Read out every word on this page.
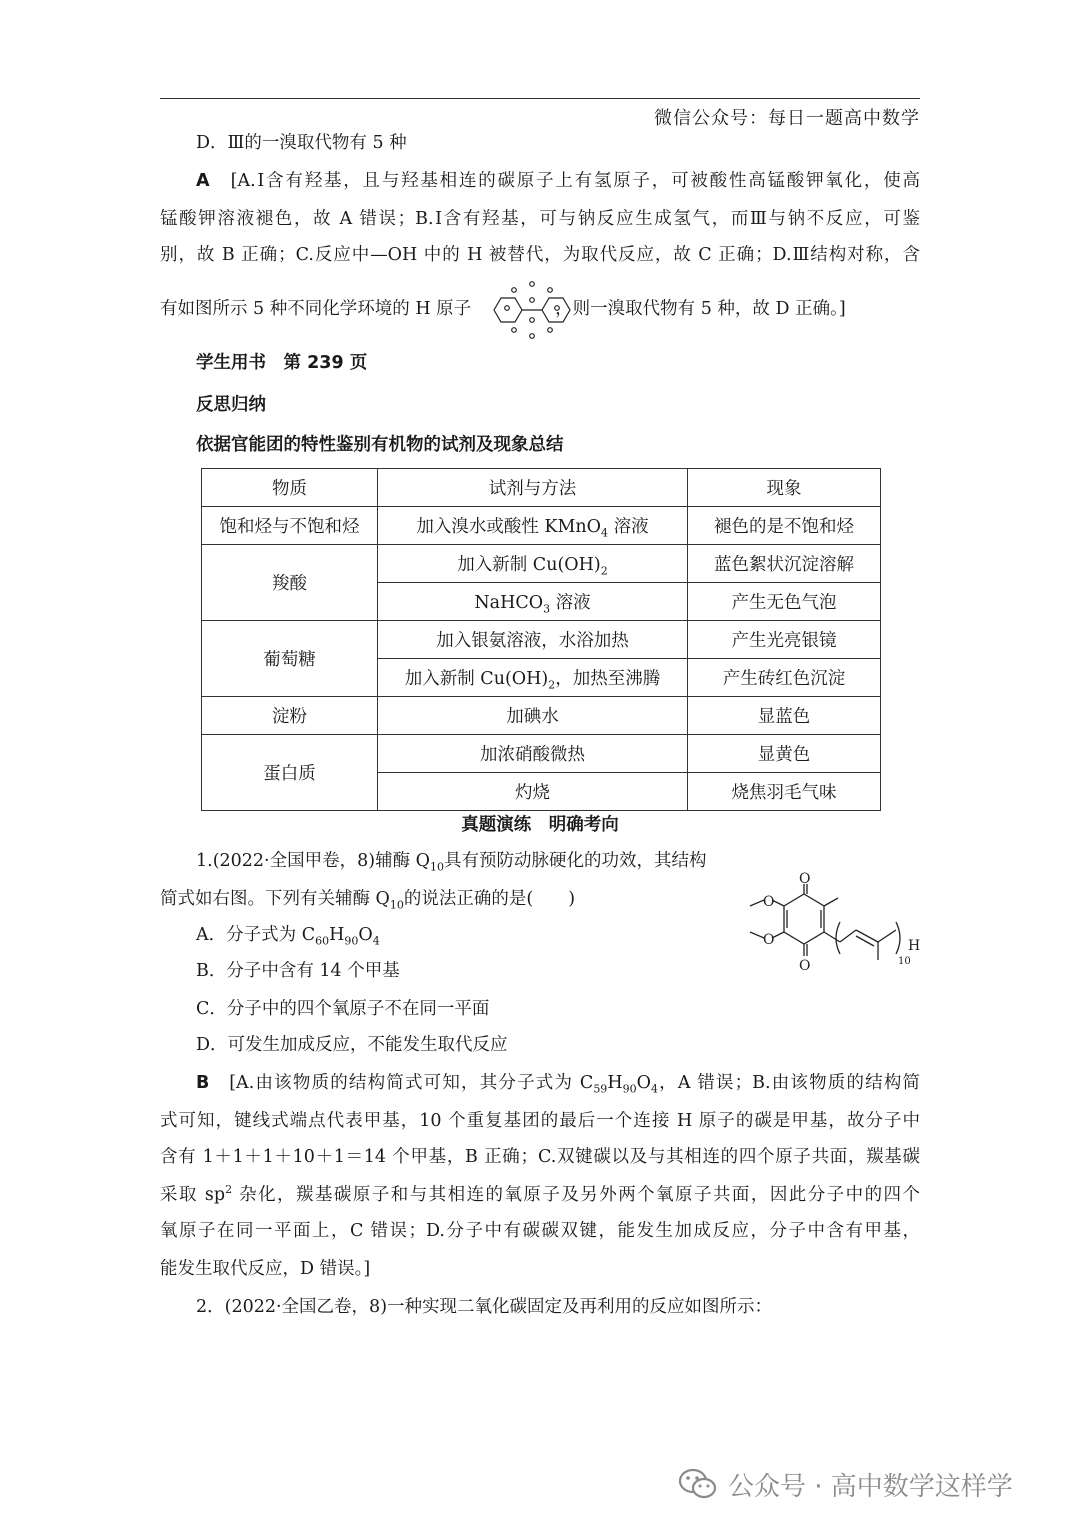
微信公众号：每日一题高中数学
D．Ⅲ的一溴取代物有 5 种
A　 [A.Ⅰ含有羟基，且与羟基相连的碳原子上有氢原子，可被酸性高锰酸钾氧化，使高
锰酸钾溶液褪色，故 A 错误；B.Ⅰ含有羟基，可与钠反应生成氢气，而Ⅲ与钠不反应，可鉴
别，故 B 正确；C.反应中—OH 中的 H 被替代，为取代反应，故 C 正确；D.Ⅲ结构对称，含
有如图所示 5 种不同化学环境的 H 原子	，则一溴取代物有 5 种，故 D 正确。]
学生用书　第 239 页
反思归纳
依据官能团的特性鉴别有机物的试剂及现象总结
物质	试剂与方法	现象
饱和烃与不饱和烃	加入溴水或酸性 KMnO$_4$ 溶液	褪色的是不饱和烃
羧酸	加入新制 $Cu(OH)_2$	蓝色絮状沉淀溶解
	NaHCO$_3$ 溶液	产生无色气泡
葡萄糖	加入银氨溶液，水浴加热	产生光亮银镜
	加入新制 $Cu(OH)_2$，加热至沸腾	产生砖红色沉淀
淀粉	加碘水	显蓝色
蛋白质	加浓硝酸微热	显黄色
	灼烧	烧焦羽毛气味
真题演练　明确考向
1.(2022·全国甲卷，8)辅酶 $Q_{10}$具有预防动脉硬化的功效，其结构
简式如右图。下列有关辅酶 $Q_{10}$的说法正确的是(　　)
A．分子式为 $C_{60}H_{90}O_4$
B．分子中含有 14 个甲基
C．分子中的四个氧原子不在同一平面
D．可发生加成反应，不能发生取代反应
O
O
O
O	H
10
B　 [A.由该物质的结构简式可知，其分子式为 $C_{59}H_{90}O_4$，A 错误；B.由该物质的结构简
式可知，键线式端点代表甲基，10 个重复基团的最后一个连接 H 原子的碳是甲基，故分子中
含有 1＋1＋1＋10＋1＝14 个甲基，B 正确；C.双键碳以及与其相连的四个原子共面，羰基碳
采取 $sp^2$ 杂化，羰基碳原子和与其相连的氧原子及另外两个氧原子共面，因此分子中的四个
氧原子在同一平面上，C 错误；D.分子中有碳碳双键，能发生加成反应，分子中含有甲基，
能发生取代反应，D 错误。]
2．(2022·全国乙卷，8)一种实现二氧化碳固定及再利用的反应如图所示：
公众号 · 高中数学这样学
